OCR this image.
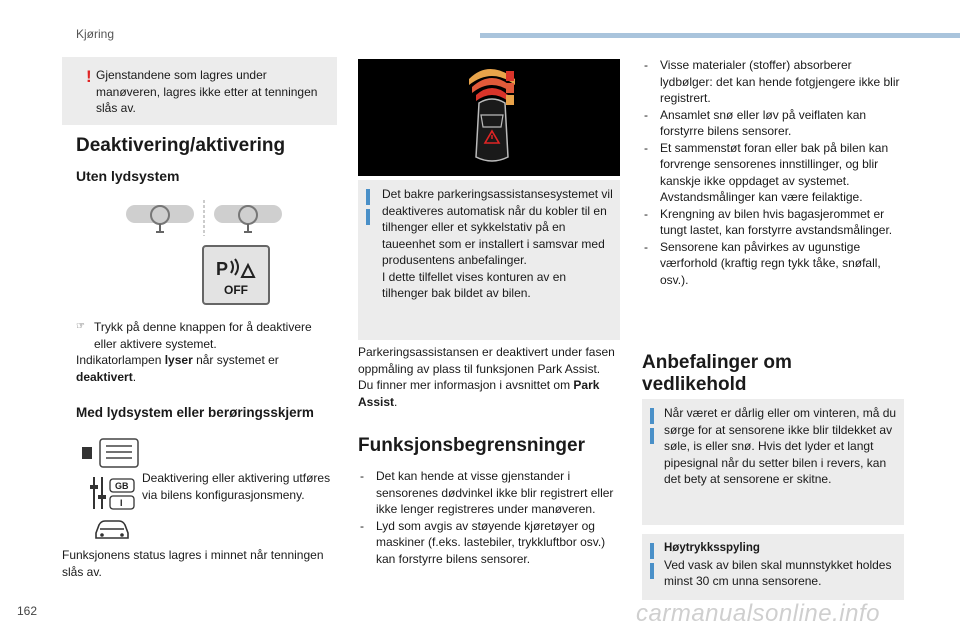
Kjøring
! Gjenstandene som lagres under manøveren, lagres ikke etter at tenningen slås av.
Deaktivering/aktivering
Uten lydsystem
P
OFF
☞ Trykk på denne knappen for å deaktivere eller aktivere systemet.
Indikatorlampen lyser når systemet er deaktivert.
Med lydsystem eller berøringsskjerm
GB
I
Deaktivering eller aktivering utføres via bilens konfigurasjonsmeny.
Funksjonens status lagres i minnet når tenningen slås av.
Det bakre parkeringsassistansesystemet vil deaktiveres automatisk når du kobler til en tilhenger eller et sykkelstativ på en taueenhet som er installert i samsvar med produsentens anbefalinger.
I dette tilfellet vises konturen av en tilhenger bak bildet av bilen.
Parkeringsassistansen er deaktivert under fasen oppmåling av plass til funksjonen Park Assist.
Du finner mer informasjon i avsnittet om Park Assist.
Funksjonsbegrensninger
- Det kan hende at visse gjenstander i sensorenes dødvinkel ikke blir registrert eller ikke lenger registreres under manøveren.
- Lyd som avgis av støyende kjøretøyer og maskiner (f.eks. lastebiler, trykkluftbor osv.) kan forstyrre bilens sensorer.
- Visse materialer (stoffer) absorberer lydbølger: det kan hende fotgjengere ikke blir registrert.
- Ansamlet snø eller løv på veiflaten kan forstyrre bilens sensorer.
- Et sammenstøt foran eller bak på bilen kan forvrenge sensorenes innstillinger, og blir kanskje ikke oppdaget av systemet. Avstandsmålinger kan være feilaktige.
- Krengning av bilen hvis bagasjerommet er tungt lastet, kan forstyrre avstandsmålinger.
- Sensorene kan påvirkes av ugunstige værforhold (kraftig regn tykk tåke, snøfall, osv.).
Anbefalinger om
vedlikehold
Når været er dårlig eller om vinteren, må du sørge for at sensorene ikke blir tildekket av søle, is eller snø. Hvis det lyder et langt pipesignal når du setter bilen i revers, kan det bety at sensorene er skitne.
Høytrykksspyling
Ved vask av bilen skal munnstykket holdes minst 30 cm unna sensorene.
162	carmanualsonline.info
